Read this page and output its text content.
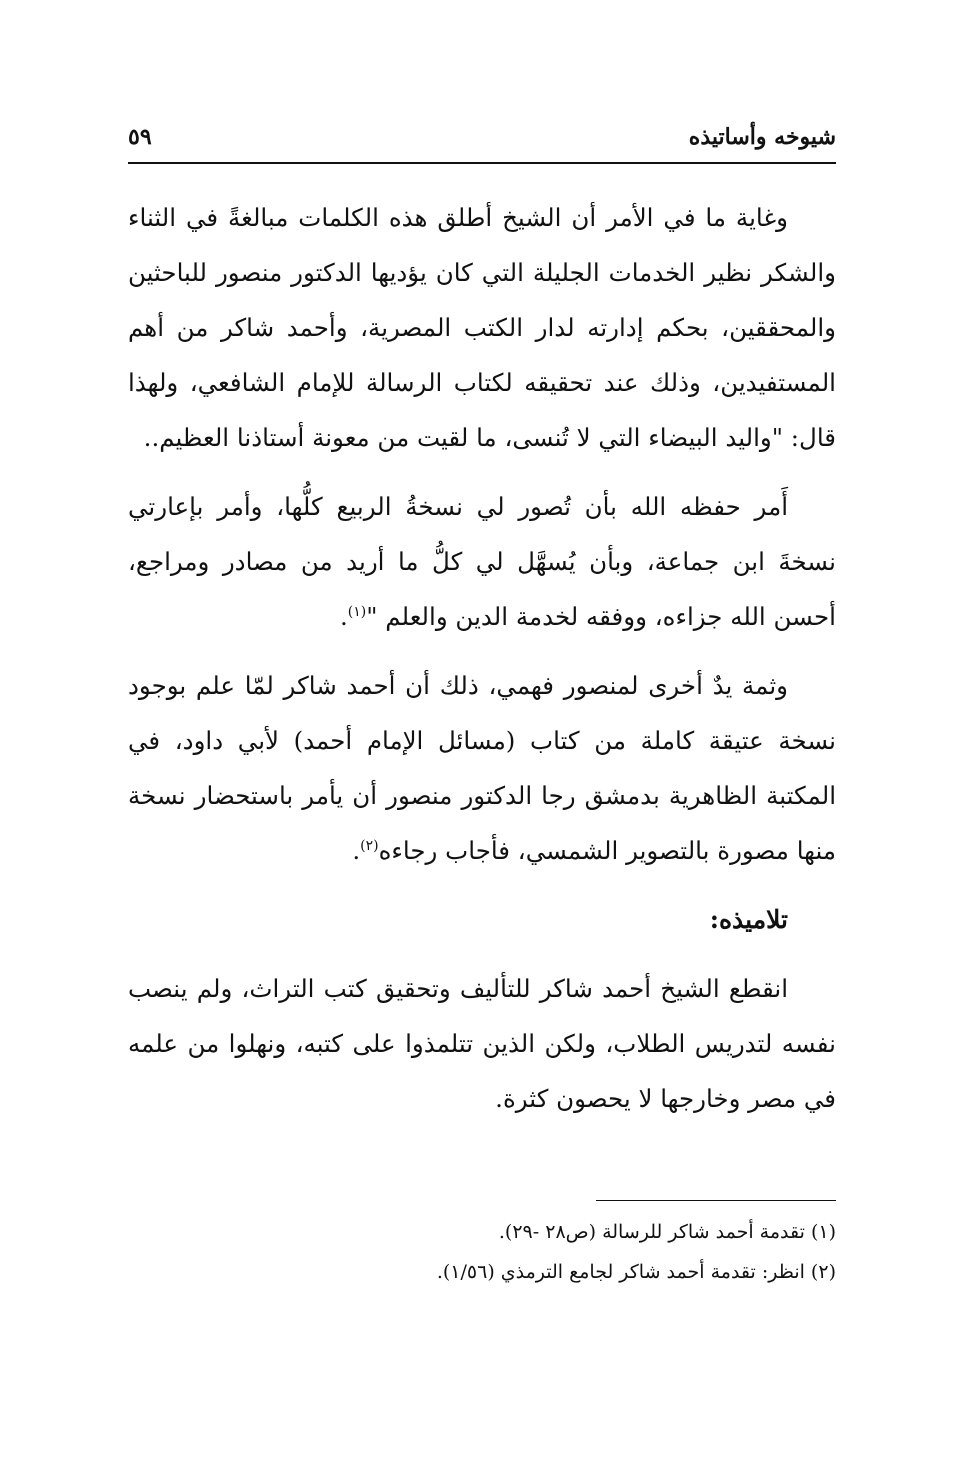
شيوخه وأساتيذه
٥٩

وغاية ما في الأمر أن الشيخ أطلق هذه الكلمات مبالغةً في الثناء والشكر نظير الخدمات الجليلة التي كان يؤديها الدكتور منصور للباحثين والمحققين، بحكم إدارته لدار الكتب المصرية، وأحمد شاكر من أهم المستفيدين، وذلك عند تحقيقه لكتاب الرسالة للإمام الشافعي، ولهذا قال: "واليد البيضاء التي لا تُنسى، ما لقيت من معونة أستاذنا العظيم..

أَمر حفظه الله بأن تُصور لي نسخةُ الربيع كلُّها، وأمر بإعارتي نسخةَ ابن جماعة، وبأن يُسهَّل لي كلُّ ما أريد من مصادر ومراجع، أحسن الله جزاءه، ووفقه لخدمة الدين والعلم "$^{(١)}$.

وثمة يدٌ أخرى لمنصور فهمي، ذلك أن أحمد شاكر لمّا علم بوجود نسخة عتيقة كاملة من كتاب (مسائل الإمام أحمد) لأبي داود، في المكتبة الظاهرية بدمشق رجا الدكتور منصور أن يأمر باستحضار نسخة منها مصورة بالتصوير الشمسي، فأجاب رجاءه$^{(٢)}$.

تلاميذه:

انقطع الشيخ أحمد شاكر للتأليف وتحقيق كتب التراث، ولم ينصب نفسه لتدريس الطلاب، ولكن الذين تتلمذوا على كتبه، ونهلوا من علمه في مصر وخارجها لا يحصون كثرة.

(١) تقدمة أحمد شاكر للرسالة (ص٢٨ -٢٩).

(٢) انظر: تقدمة أحمد شاكر لجامع الترمذي (١/٥٦).
